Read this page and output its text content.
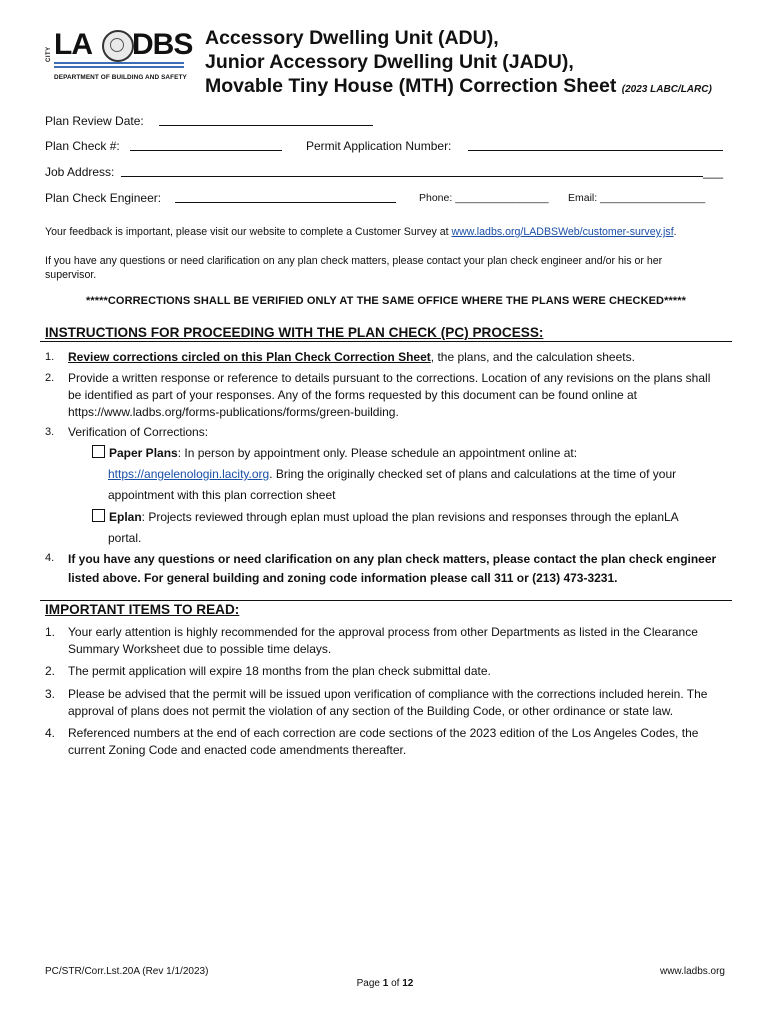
CITY LA DBS
DEPARTMENT OF BUILDING AND SAFETY
Accessory Dwelling Unit (ADU),
Junior Accessory Dwelling Unit (JADU),
Movable Tiny House (MTH) Correction Sheet (2023 LABC/LARC)
Plan Review Date:
Plan Check #:	Permit Application Number:
Job Address:	___
Plan Check Engineer:	Phone: ________________ Email: __________________
Your feedback is important, please visit our website to complete a Customer Survey at www.ladbs.org/LADBSWeb/customer-survey.jsf.
If you have any questions or need clarification on any plan check matters, please contact your plan check engineer and/or his or her supervisor.
*****CORRECTIONS SHALL BE VERIFIED ONLY AT THE SAME OFFICE WHERE THE PLANS WERE CHECKED*****
INSTRUCTIONS FOR PROCEEDING WITH THE PLAN CHECK (PC) PROCESS:
1.	Review corrections circled on this Plan Check Correction Sheet, the plans, and the calculation sheets.
2.	Provide a written response or reference to details pursuant to the corrections. Location of any revisions on the plans shall be identified as part of your responses. Any of the forms requested by this document can be found online at https://www.ladbs.org/forms-publications/forms/green-building.
3.	Verification of Corrections:
Paper Plans: In person by appointment only. Please schedule an appointment online at:
https://angelenologin.lacity.org. Bring the originally checked set of plans and calculations at the time of your
appointment with this plan correction sheet
Eplan: Projects reviewed through eplan must upload the plan revisions and responses through the eplanLA
portal.
4.	If you have any questions or need clarification on any plan check matters, please contact the plan check engineer listed above. For general building and zoning code information please call 311 or (213) 473-3231.
IMPORTANT ITEMS TO READ:
1. Your early attention is highly recommended for the approval process from other Departments as listed in the Clearance Summary Worksheet due to possible time delays.
2. The permit application will expire 18 months from the plan check submittal date.
3. Please be advised that the permit will be issued upon verification of compliance with the corrections included herein. The approval of plans does not permit the violation of any section of the Building Code, or other ordinance or state law.
4. Referenced numbers at the end of each correction are code sections of the 2023 edition of the Los Angeles Codes, the current Zoning Code and enacted code amendments thereafter.
PC/STR/Corr.Lst.20A (Rev 1/1/2023)	www.ladbs.org
Page 1 of 12
